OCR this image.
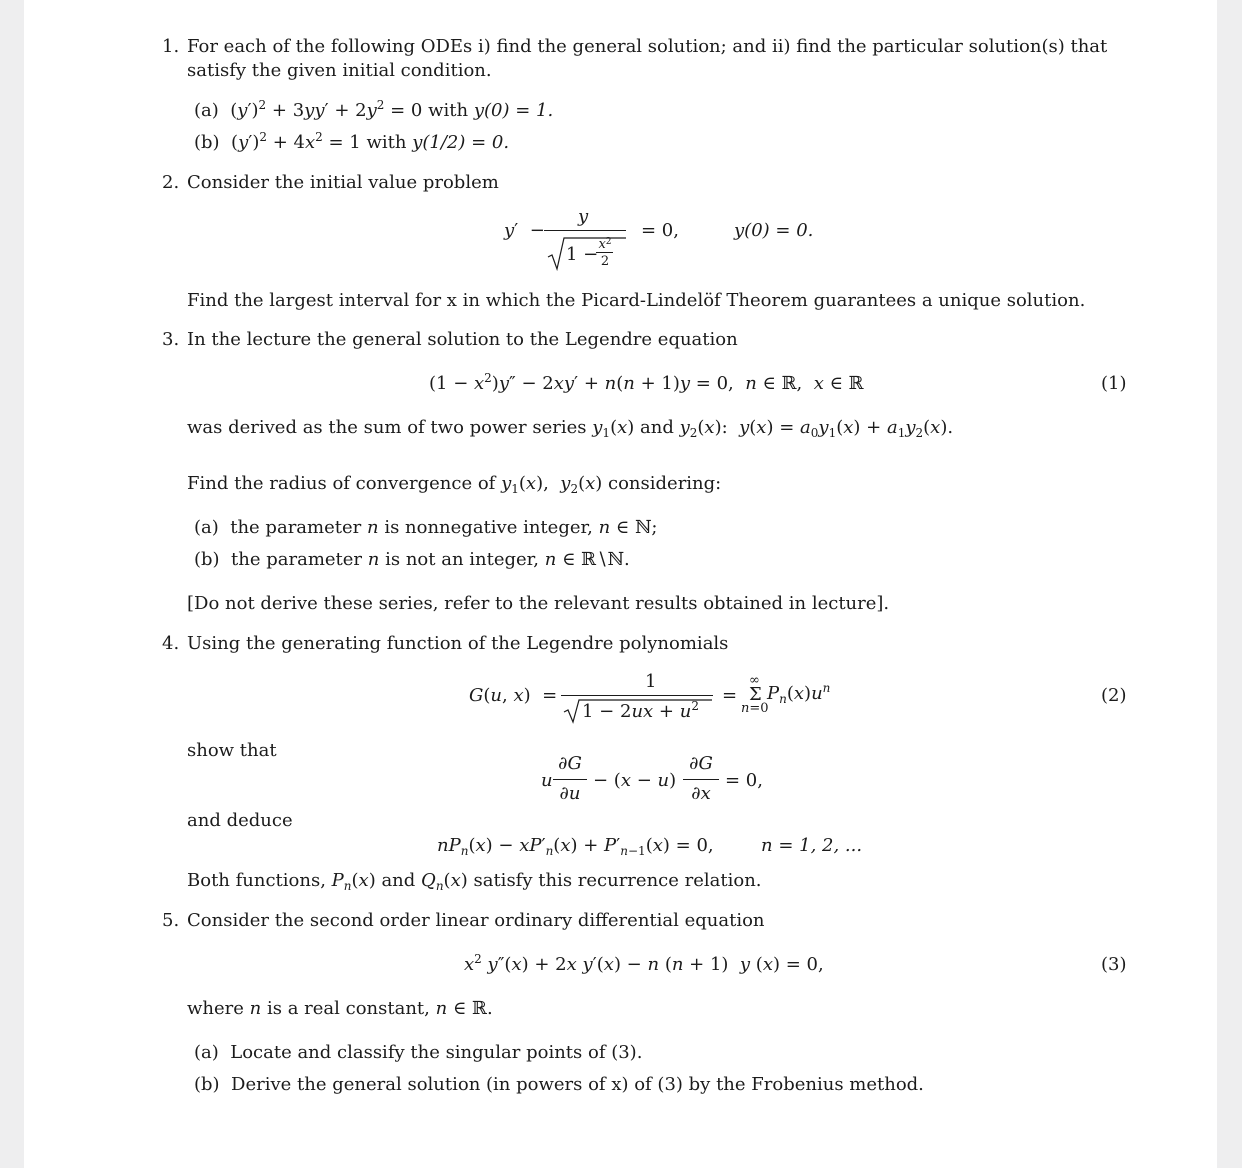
1. For each of the following ODEs i) find the general solution; and ii) find the particular solution(s) that
satisfy the given initial condition.
(a) $(y')^2 + 3yy' + 2y^2 = 0$ with y(0) = 1.
(b) $(y')^2 + 4x^2 = 1$ with y(1/2) = 0.
2. Consider the initial value problem
y′  −
y
$1 - x^2$
2
= 0,	y(0) = 0.
Find the largest interval for x in which the Picard-Lindelöf Theorem guarantees a unique solution.
3. In the lecture the general solution to the Legendre equation
$(1 - x^2)y'' - 2xy' + n(n + 1)y = 0$,  n ∈ ℝ,  x ∈ ℝ	(1)
was derived as the sum of two power series $y_1(x)$ and $y_2(x)$:  $y(x) = a_0y_1(x) + a_1y_2(x)$.
Find the radius of convergence of $y_1(x)$,  $y_2(x)$ considering:
(a) the parameter n is nonnegative integer, n ∈ ℕ;
(b) the parameter n is not an integer, n ∈ ℝ∖ℕ.
[Do not derive these series, refer to the relevant results obtained in lecture].
4. Using the generating function of the Legendre polynomials
G(u, x)  =
1
$1 - 2ux + u^2$ =
∞
Σ
n=0
$P_n(x)u^n$	(2)
show that
u
∂G
∂u
− (x − u)
∂G
∂x
= 0,
and deduce
$nP_n(x) - xP'_n(x) + P'_{n-1}(x) = 0$,	n = 1, 2, ...
Both functions, $P_n(x)$ and $Q_n(x)$ satisfy this recurrence relation.
5. Consider the second order linear ordinary differential equation
$x^2$ y″(x) + 2x y′(x) − n (n + 1)  y (x) = 0,	(3)
where n is a real constant, n ∈ ℝ.
(a) Locate and classify the singular points of (3).
(b) Derive the general solution (in powers of x) of (3) by the Frobenius method.
